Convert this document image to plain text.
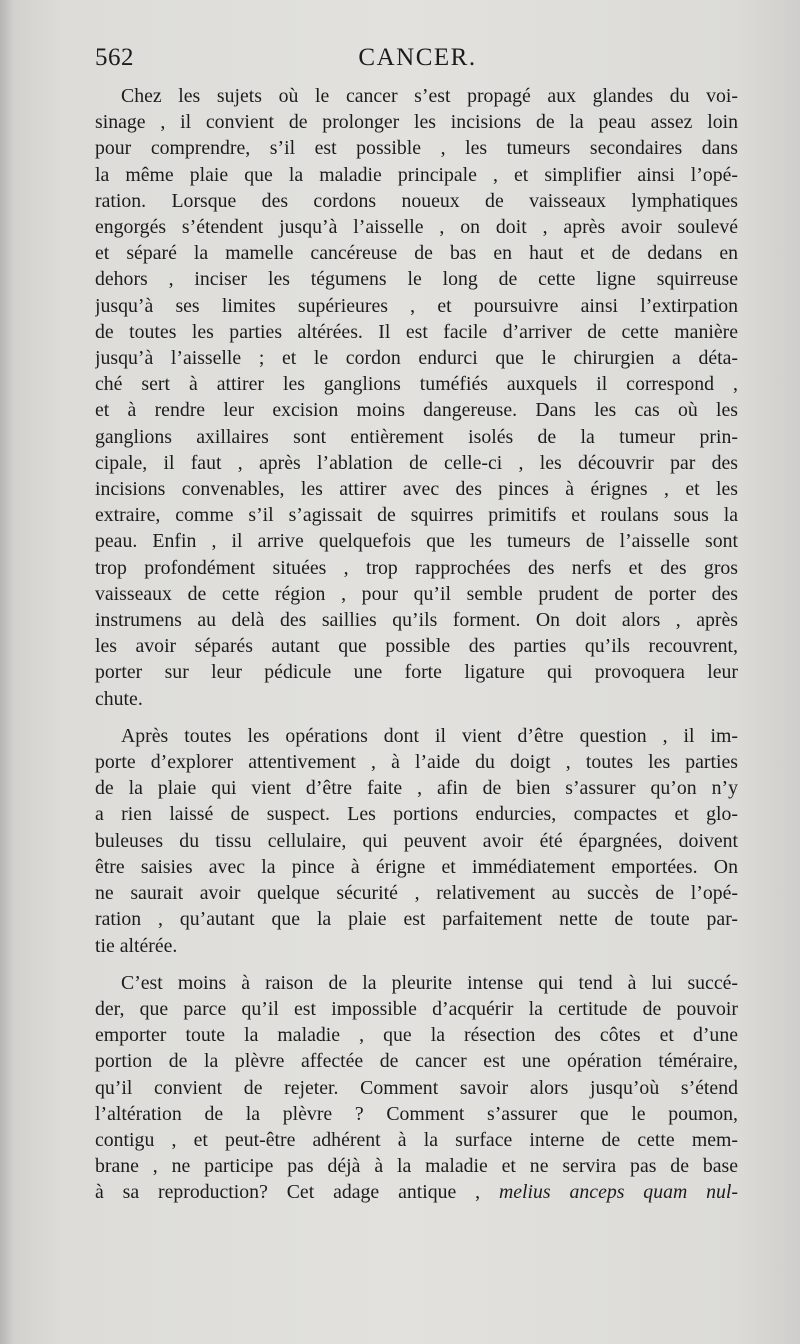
562	CANCER.
Chez les sujets où le cancer s’est propagé aux glandes du voi-
sinage , il convient de prolonger les incisions de la peau assez loin
pour comprendre, s’il est possible , les tumeurs secondaires dans
la même plaie que la maladie principale , et simplifier ainsi l’opé-
ration. Lorsque des cordons noueux de vaisseaux lymphatiques
engorgés s’étendent jusqu’à l’aisselle , on doit , après avoir soulevé
et séparé la mamelle cancéreuse de bas en haut et de dedans en
dehors , inciser les tégumens le long de cette ligne squirreuse
jusqu’à ses limites supérieures , et poursuivre ainsi l’extirpation
de toutes les parties altérées. Il est facile d’arriver de cette manière
jusqu’à l’aisselle ; et le cordon endurci que le chirurgien a déta-
ché sert à attirer les ganglions tuméfiés auxquels il correspond ,
et à rendre leur excision moins dangereuse. Dans les cas où les
ganglions axillaires sont entièrement isolés de la tumeur prin-
cipale, il faut , après l’ablation de celle-ci , les découvrir par des
incisions convenables, les attirer avec des pinces à érignes , et les
extraire, comme s’il s’agissait de squirres primitifs et roulans sous la
peau. Enfin , il arrive quelquefois que les tumeurs de l’aisselle sont
trop profondément situées , trop rapprochées des nerfs et des gros
vaisseaux de cette région , pour qu’il semble prudent de porter des
instrumens au delà des saillies qu’ils forment. On doit alors , après
les avoir séparés autant que possible des parties qu’ils recouvrent,
porter sur leur pédicule une forte ligature qui provoquera leur
chute.
Après toutes les opérations dont il vient d’être question , il im-
porte d’explorer attentivement , à l’aide du doigt , toutes les parties
de la plaie qui vient d’être faite , afin de bien s’assurer qu’on n’y
a rien laissé de suspect. Les portions endurcies, compactes et glo-
buleuses du tissu cellulaire, qui peuvent avoir été épargnées, doivent
être saisies avec la pince à érigne et immédiatement emportées. On
ne saurait avoir quelque sécurité , relativement au succès de l’opé-
ration , qu’autant que la plaie est parfaitement nette de toute par-
tie altérée.
C’est moins à raison de la pleurite intense qui tend à lui succé-
der, que parce qu’il est impossible d’acquérir la certitude de pouvoir
emporter toute la maladie , que la résection des côtes et d’une
portion de la plèvre affectée de cancer est une opération téméraire,
qu’il convient de rejeter. Comment savoir alors jusqu’où s’étend
l’altération de la plèvre ? Comment s’assurer que le poumon,
contigu , et peut-être adhérent à la surface interne de cette mem-
brane , ne participe pas déjà à la maladie et ne servira pas de base
à sa reproduction? Cet adage antique , melius anceps quam nul-
